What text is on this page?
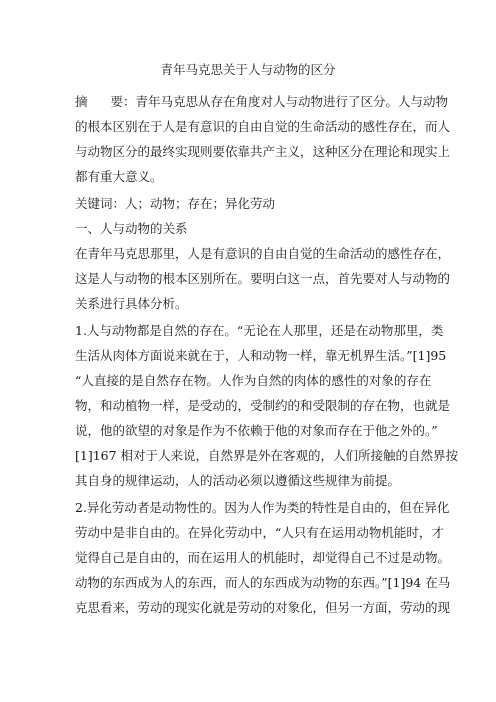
青年马克思关于人与动物的区分
摘 要：青年马克思从存在角度对人与动物进行了区分。人与动物
的根本区别在于人是有意识的自由自觉的生命活动的感性存在，而人
与动物区分的最终实现则要依靠共产主义，这种区分在理论和现实上
都有重大意义。
关键词：人；动物；存在；异化劳动
一、人与动物的关系
在青年马克思那里，人是有意识的自由自觉的生命活动的感性存在，
这是人与动物的根本区别所在。要明白这一点，首先要对人与动物的
关系进行具体分析。
1.人与动物都是自然的存在。“无论在人那里，还是在动物那里，类
生活从肉体方面说来就在于，人和动物一样，靠无机界生活。”[1]95
“人直接的是自然存在物。人作为自然的肉体的感性的对象的存在
物，和动植物一样，是受动的，受制约的和受限制的存在物，也就是
说，他的欲望的对象是作为不依赖于他的对象而存在于他之外的。”
[1]167 相对于人来说，自然界是外在客观的，人们所接触的自然界按
其自身的规律运动，人的活动必须以遵循这些规律为前提。
2.异化劳动者是动物性的。因为人作为类的特性是自由的，但在异化
劳动中是非自由的。在异化劳动中，“人只有在运用动物机能时，才
觉得自己是自由的，而在运用人的机能时，却觉得自己不过是动物。
动物的东西成为人的东西，而人的东西成为动物的东西。”[1]94 在马
克思看来，劳动的现实化就是劳动的对象化，但另一方面，劳动的现
